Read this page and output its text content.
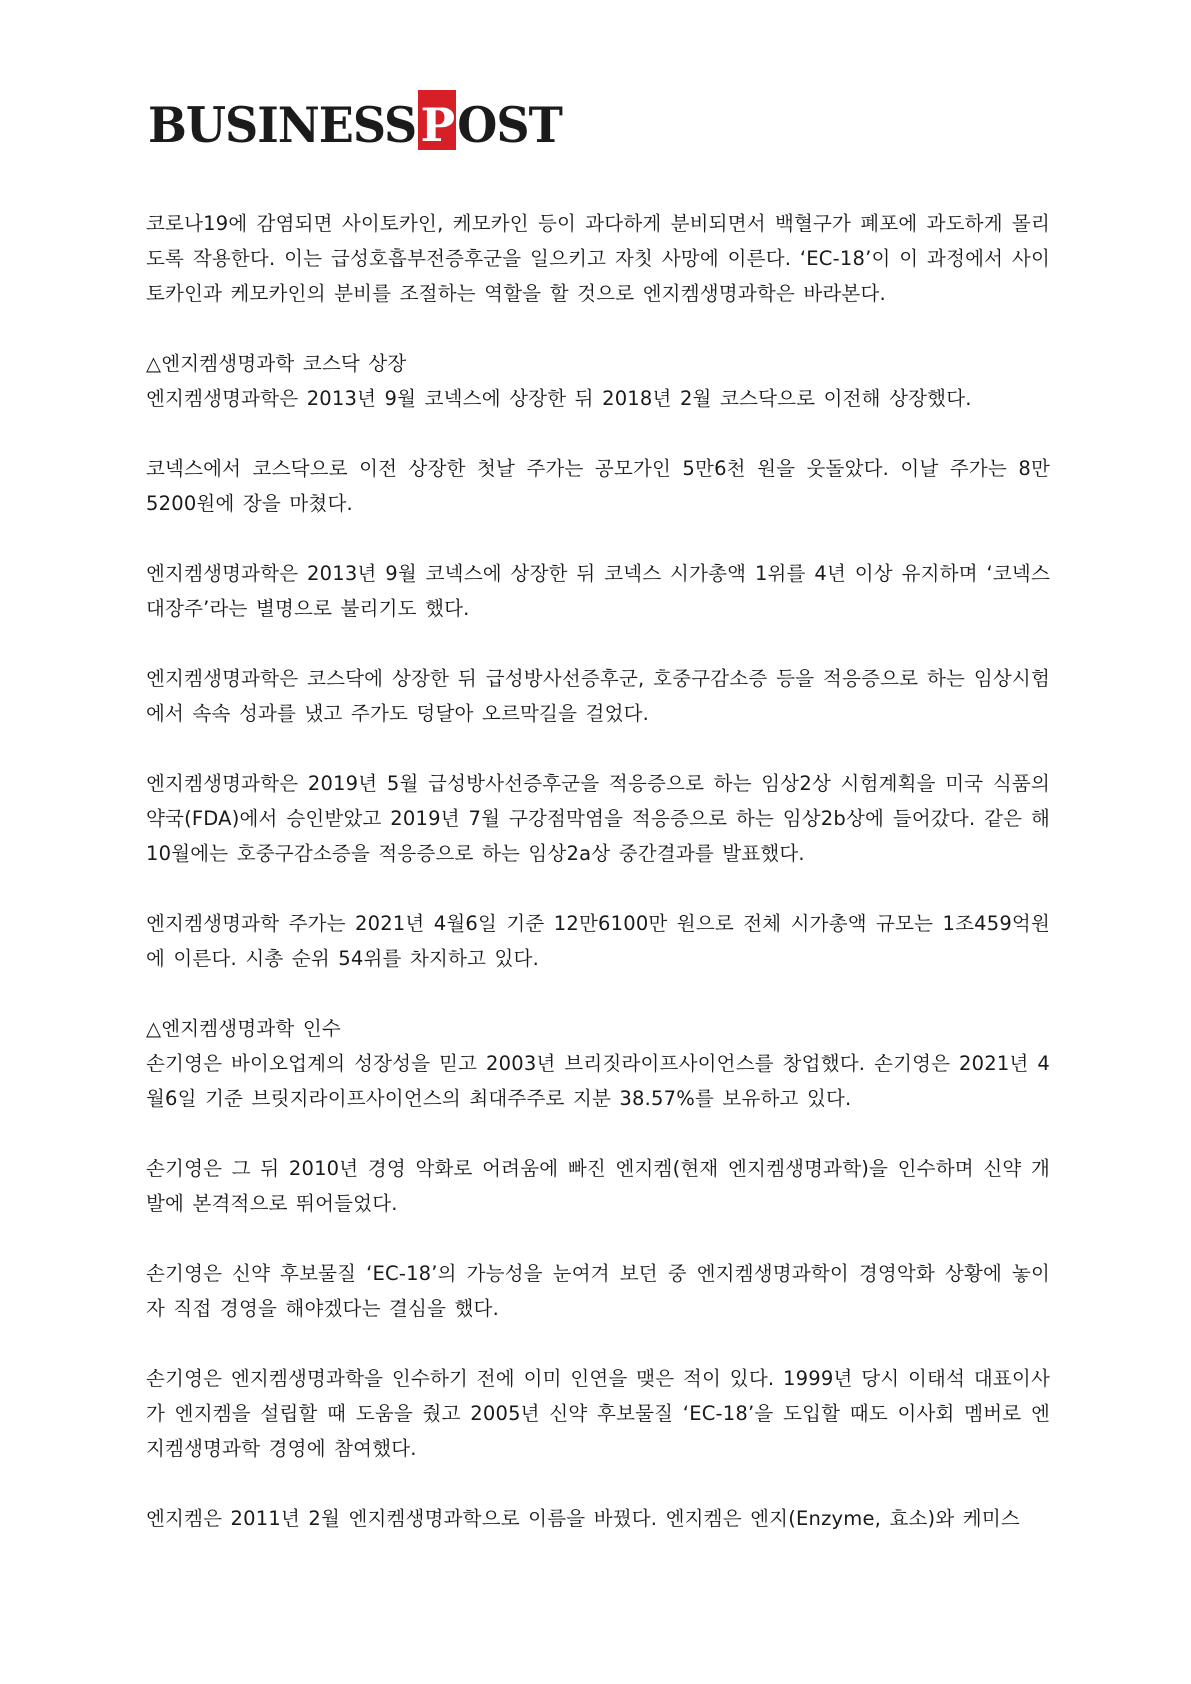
BUSINESS P OST

코로나19에 감염되면 사이토카인, 케모카인 등이 과다하게 분비되면서 백혈구가 폐포에 과도하게 몰리도록 작용한다. 이는 급성호흡부전증후군을 일으키고 자칫 사망에 이른다. ‘EC-18’이 이 과정에서 사이토카인과 케모카인의 분비를 조절하는 역할을 할 것으로 엔지켐생명과학은 바라본다.

△엔지켐생명과학 코스닥 상장

엔지켐생명과학은 2013년 9월 코넥스에 상장한 뒤 2018년 2월 코스닥으로 이전해 상장했다.

코넥스에서 코스닥으로 이전 상장한 첫날 주가는 공모가인 5만6천 원을 웃돌았다. 이날 주가는 8만5200원에 장을 마쳤다.

엔지켐생명과학은 2013년 9월 코넥스에 상장한 뒤 코넥스 시가총액 1위를 4년 이상 유지하며 ‘코넥스 대장주’라는 별명으로 불리기도 했다.

엔지켐생명과학은 코스닥에 상장한 뒤 급성방사선증후군, 호중구감소증 등을 적응증으로 하는 임상시험에서 속속 성과를 냈고 주가도 덩달아 오르막길을 걸었다.

엔지켐생명과학은 2019년 5월 급성방사선증후군을 적응증으로 하는 임상2상 시험계획을 미국 식품의약국(FDA)에서 승인받았고 2019년 7월 구강점막염을 적응증으로 하는 임상2b상에 들어갔다. 같은 해 10월에는 호중구감소증을 적응증으로 하는 임상2a상 중간결과를 발표했다.

엔지켐생명과학 주가는 2021년 4월6일 기준 12만6100만 원으로 전체 시가총액 규모는 1조459억원에 이른다. 시총 순위 54위를 차지하고 있다.

△엔지켐생명과학 인수

손기영은 바이오업계의 성장성을 믿고 2003년 브리짓라이프사이언스를 창업했다. 손기영은 2021년 4월6일 기준 브릿지라이프사이언스의 최대주주로 지분 38.57%를 보유하고 있다.

손기영은 그 뒤 2010년 경영 악화로 어려움에 빠진 엔지켐(현재 엔지켐생명과학)을 인수하며 신약 개발에 본격적으로 뛰어들었다.

손기영은 신약 후보물질 ‘EC-18’의 가능성을 눈여겨 보던 중 엔지켐생명과학이 경영악화 상황에 놓이자 직접 경영을 해야겠다는 결심을 했다.

손기영은 엔지켐생명과학을 인수하기 전에 이미 인연을 맺은 적이 있다. 1999년 당시 이태석 대표이사가 엔지켐을 설립할 때 도움을 줬고 2005년 신약 후보물질 ‘EC-18’을 도입할 때도 이사회 멤버로 엔지켐생명과학 경영에 참여했다.

엔지켐은 2011년 2월 엔지켐생명과학으로 이름을 바꿨다. 엔지켐은 엔지(Enzyme, 효소)와 케미스
